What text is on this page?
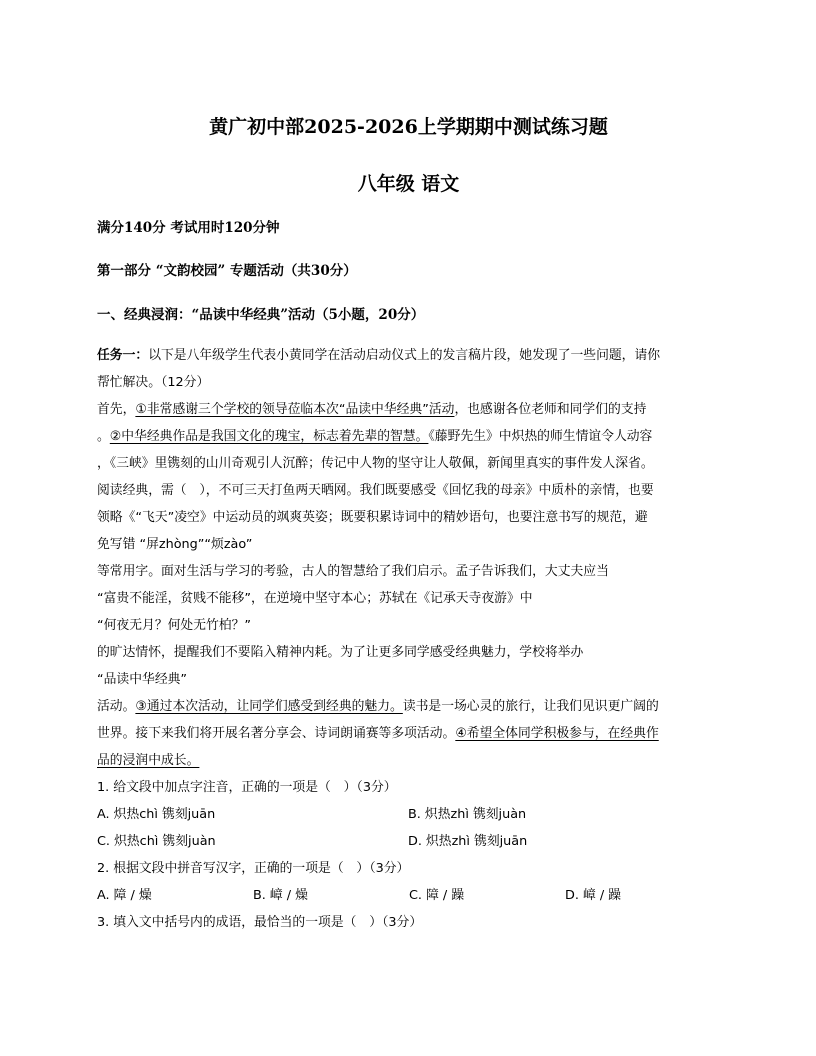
黄广初中部2025-2026上学期期中测试练习题

八年级 语文

满分140分 考试用时120分钟

第一部分 “文韵校园” 专题活动（共30分）

一、经典浸润：“品读中华经典”活动（5小题，20分）

任务一：以下是八年级学生代表小黄同学在活动启动仪式上的发言稿片段，她发现了一些问题，请你
帮忙解决。（12分）
首先，①非常感谢三个学校的领导莅临本次“品读中华经典”活动，也感谢各位老师和同学们的支持
。②中华经典作品是我国文化的瑰宝，标志着先辈的智慧。《藤野先生》中炽热的师生情谊令人动容
，《三峡》里镌刻的山川奇观引人沉醉；传记中人物的坚守让人敬佩，新闻里真实的事件发人深省。
阅读经典，需（　），不可三天打鱼两天晒网。我们既要感受《回忆我的母亲》中质朴的亲情，也要
领略《“飞天”凌空》中运动员的飒爽英姿；既要积累诗词中的精妙语句，也要注意书写的规范，避
免写错 “屏zhòng”“烦zào”
等常用字。面对生活与学习的考验，古人的智慧给了我们启示。孟子告诉我们，大丈夫应当
“富贵不能淫，贫贱不能移”，在逆境中坚守本心；苏轼在《记承天寺夜游》中
“何夜无月？何处无竹柏？”
的旷达情怀，提醒我们不要陷入精神内耗。为了让更多同学感受经典魅力，学校将举办
“品读中华经典”
活动。③通过本次活动，让同学们感受到经典的魅力。读书是一场心灵的旅行，让我们见识更广阔的
世界。接下来我们将开展名著分享会、诗词朗诵赛等多项活动。④希望全体同学积极参与，在经典作
品的浸润中成长。
1. 给文段中加点字注音，正确的一项是（　）（3分）
A. 炽热chì 镌刻juān	B. 炽热zhì 镌刻juàn
C. 炽热chì 镌刻juàn	D. 炽热zhì 镌刻juān
2. 根据文段中拼音写汉字，正确的一项是（　）（3分）
A. 障 / 燥	B. 嶂 / 燥	C. 障 / 躁	D. 嶂 / 躁
3. 填入文中括号内的成语，最恰当的一项是（　）（3分）
